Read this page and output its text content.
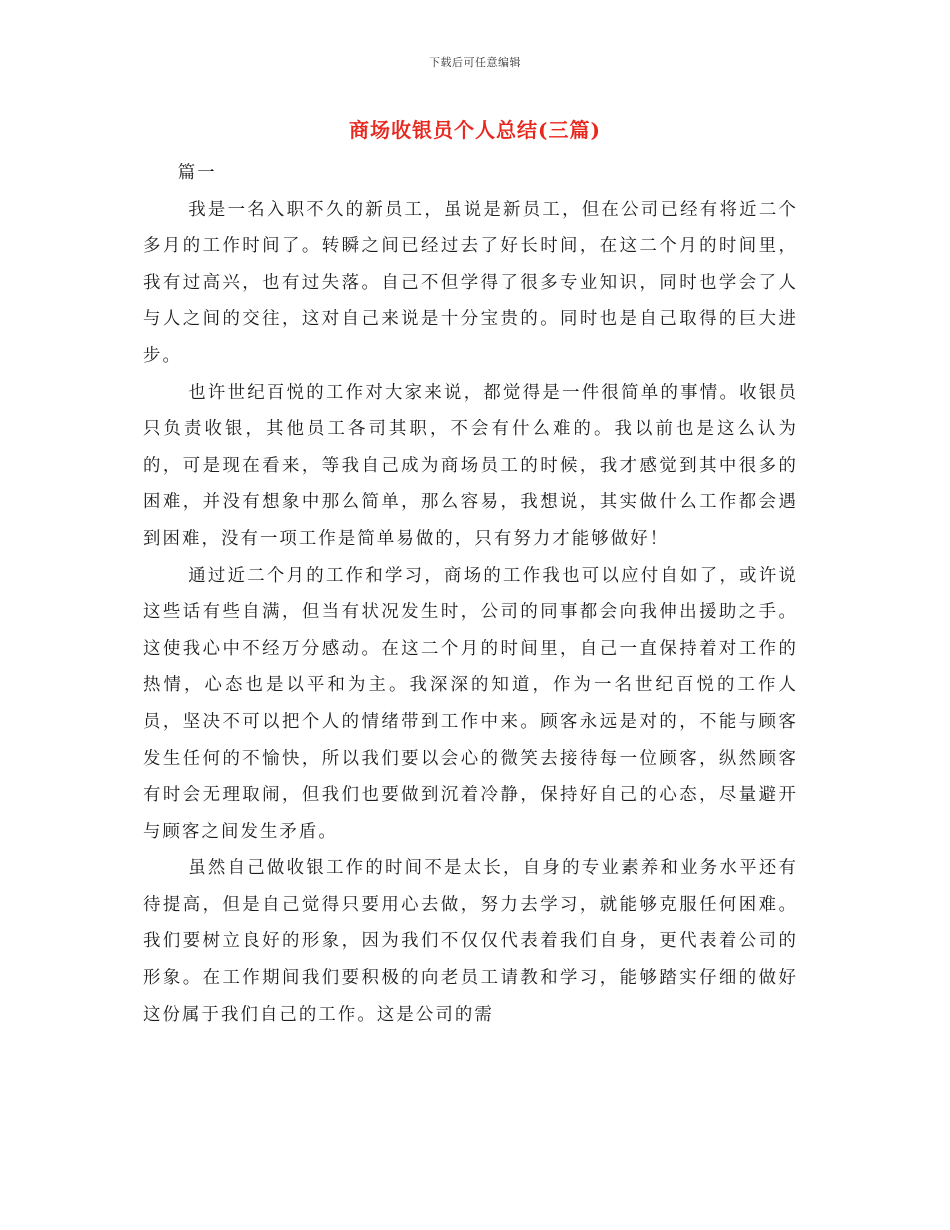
下载后可任意编辑
商场收银员个人总结(三篇)

篇一

我是一名入职不久的新员工，虽说是新员工，但在公司已经有将近二个多月的工作时间了。转瞬之间已经过去了好长时间，在这二个月的时间里，我有过高兴，也有过失落。自己不但学得了很多专业知识，同时也学会了人与人之间的交往，这对自己来说是十分宝贵的。同时也是自己取得的巨大进步。

也许世纪百悦的工作对大家来说，都觉得是一件很简单的事情。收银员只负责收银，其他员工各司其职，不会有什么难的。我以前也是这么认为的，可是现在看来，等我自己成为商场员工的时候，我才感觉到其中很多的困难，并没有想象中那么简单，那么容易，我想说，其实做什么工作都会遇到困难，没有一项工作是简单易做的，只有努力才能够做好！

通过近二个月的工作和学习，商场的工作我也可以应付自如了，或许说这些话有些自满，但当有状况发生时，公司的同事都会向我伸出援助之手。这使我心中不经万分感动。在这二个月的时间里，自己一直保持着对工作的热情，心态也是以平和为主。我深深的知道，作为一名世纪百悦的工作人员，坚决不可以把个人的情绪带到工作中来。顾客永远是对的，不能与顾客发生任何的不愉快，所以我们要以会心的微笑去接待每一位顾客，纵然顾客有时会无理取闹，但我们也要做到沉着冷静，保持好自己的心态，尽量避开与顾客之间发生矛盾。

虽然自己做收银工作的时间不是太长，自身的专业素养和业务水平还有待提高，但是自己觉得只要用心去做，努力去学习，就能够克服任何困难。我们要树立良好的形象，因为我们不仅仅代表着我们自身，更代表着公司的形象。在工作期间我们要积极的向老员工请教和学习，能够踏实仔细的做好这份属于我们自己的工作。这是公司的需
